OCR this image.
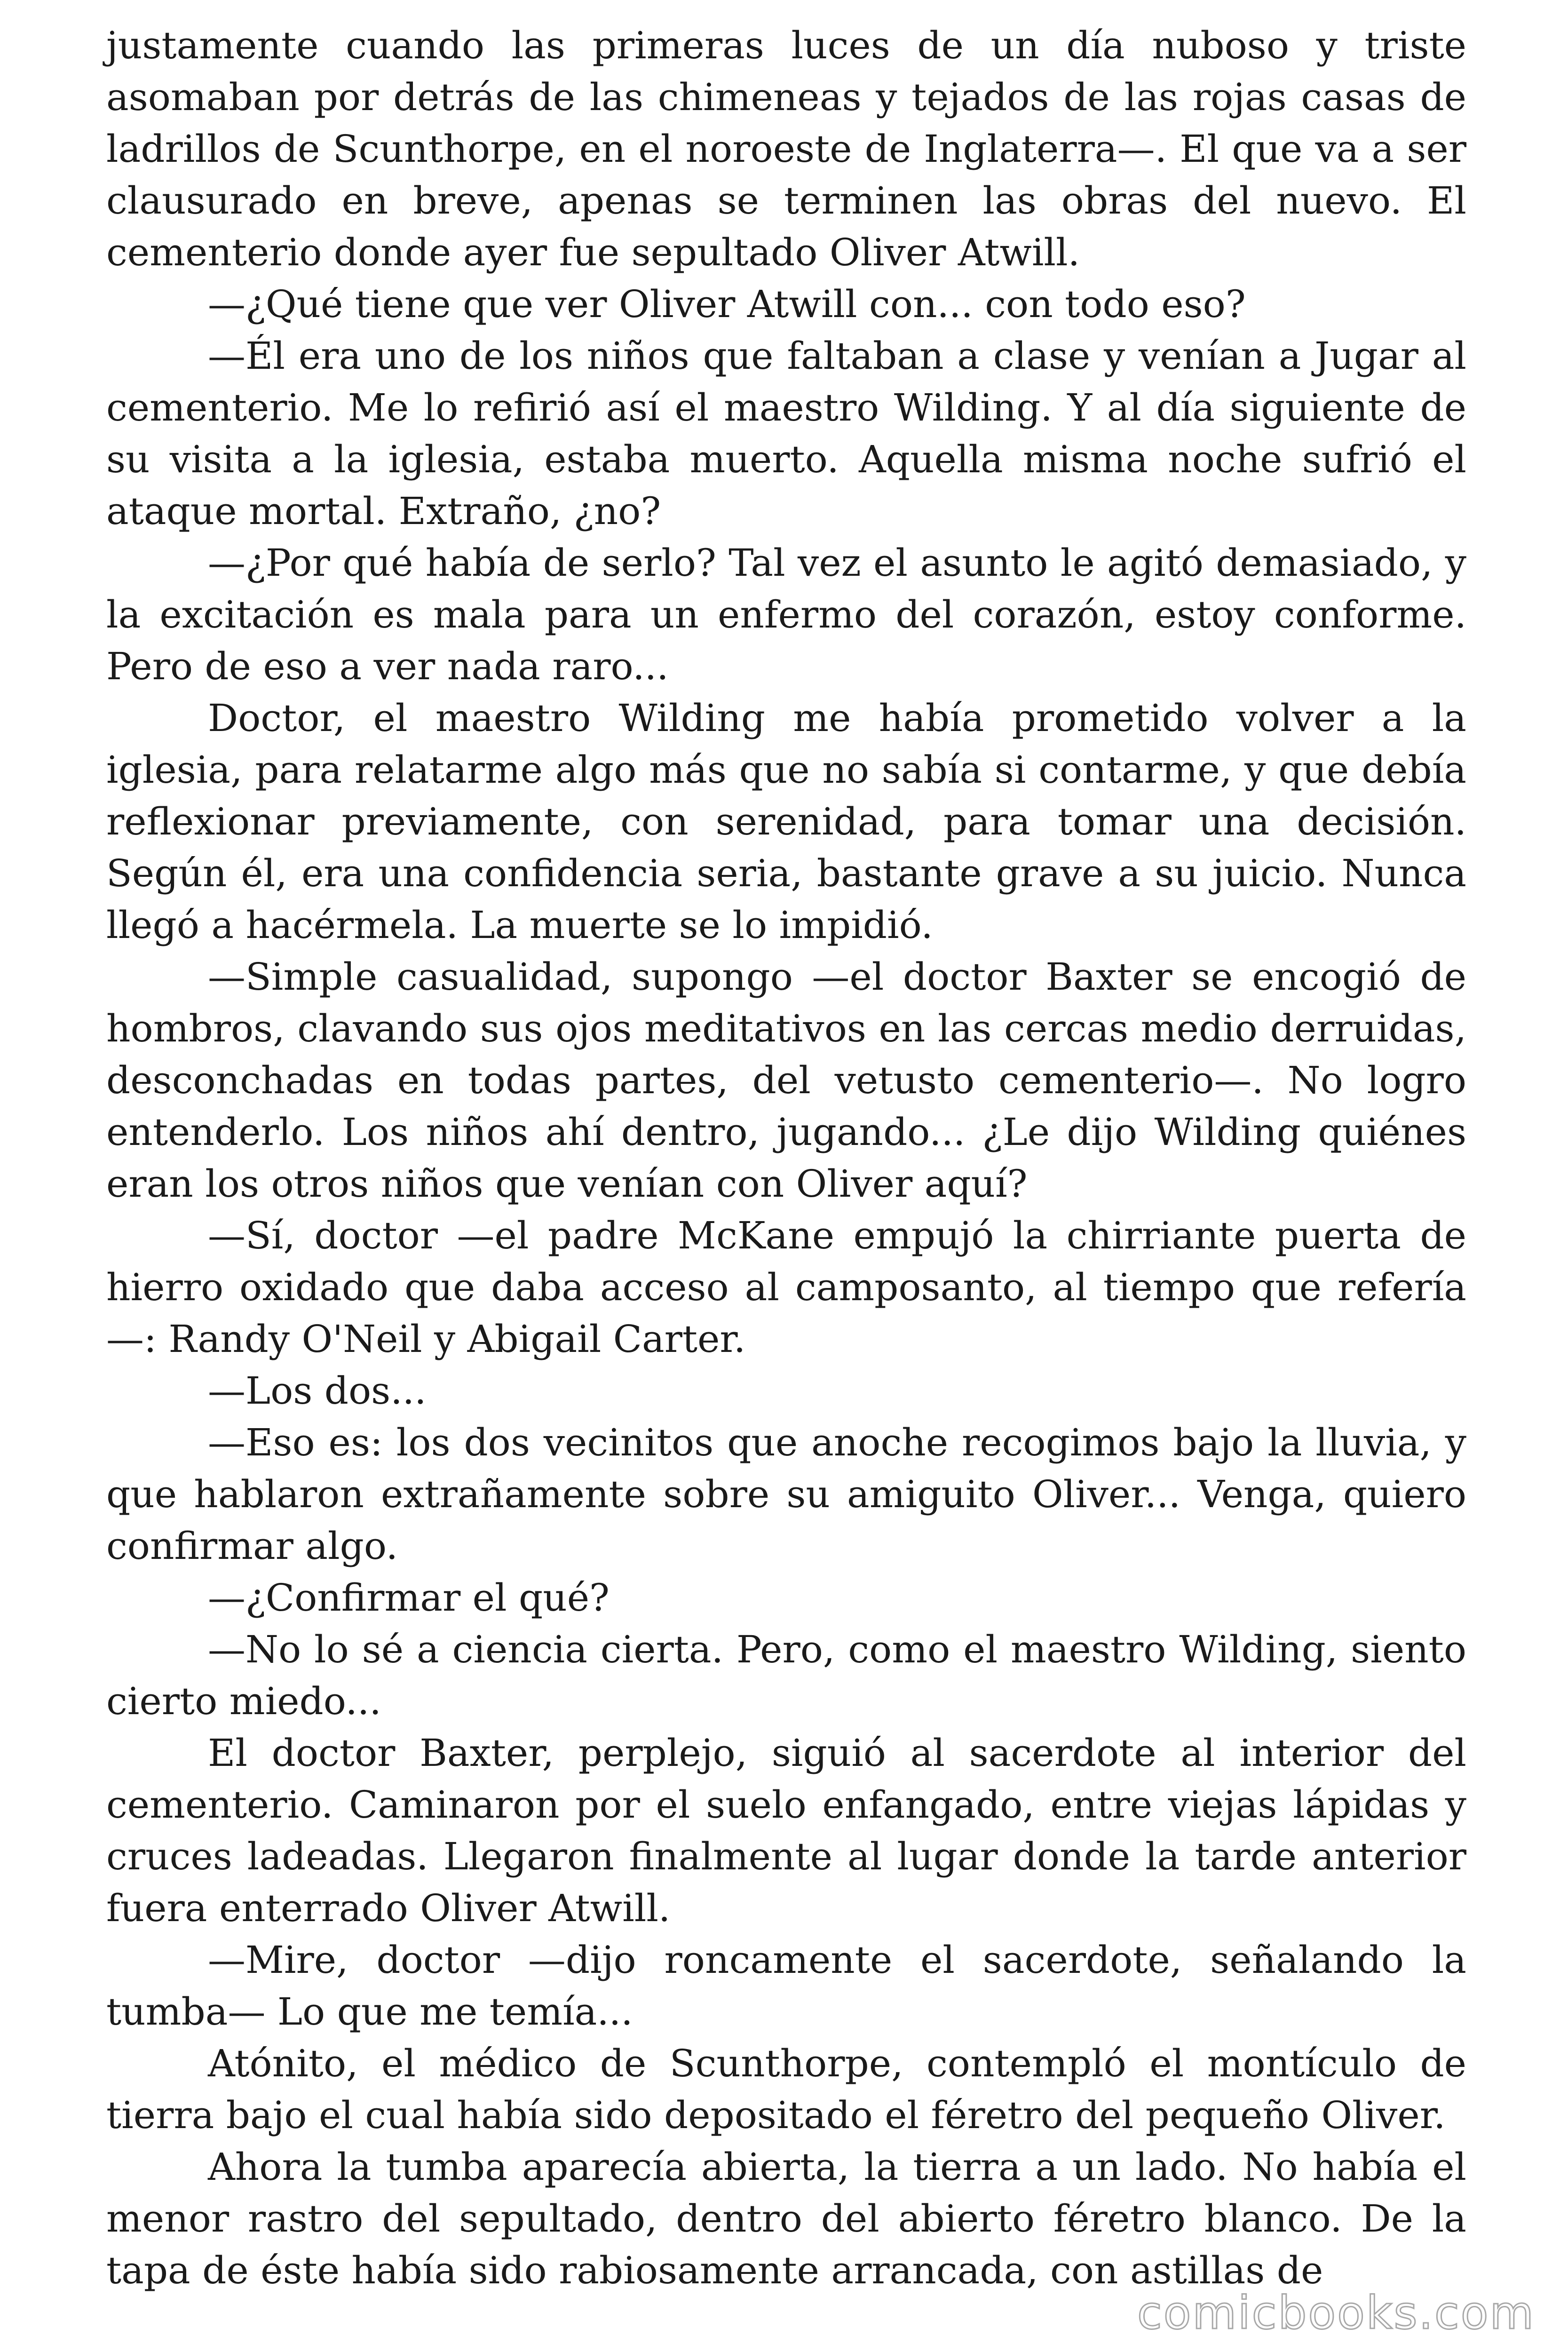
justamente cuando las primeras luces de un día nuboso y triste asomaban por detrás de las chimeneas y tejados de las rojas casas de ladrillos de Scunthorpe, en el noroeste de Inglaterra—. El que va a ser clausurado en breve, apenas se terminen las obras del nuevo. El cementerio donde ayer fue sepultado Oliver Atwill.

—¿Qué tiene que ver Oliver Atwill con... con todo eso?

—Él era uno de los niños que faltaban a clase y venían a Jugar al cementerio. Me lo refirió así el maestro Wilding. Y al día siguiente de su visita a la iglesia, estaba muerto. Aquella misma noche sufrió el ataque mortal. Extraño, ¿no?

—¿Por qué había de serlo? Tal vez el asunto le agitó demasiado, y la excitación es mala para un enfermo del corazón, estoy conforme. Pero de eso a ver nada raro...

Doctor, el maestro Wilding me había prometido volver a la iglesia, para relatarme algo más que no sabía si contarme, y que debía reflexionar previamente, con serenidad, para tomar una decisión. Según él, era una confidencia seria, bastante grave a su juicio. Nunca llegó a hacérmela. La muerte se lo impidió.

—Simple casualidad, supongo —el doctor Baxter se encogió de hombros, clavando sus ojos meditativos en las cercas medio derruidas, desconchadas en todas partes, del vetusto cementerio—. No logro entenderlo. Los niños ahí dentro, jugando... ¿Le dijo Wilding quiénes eran los otros niños que venían con Oliver aquí?

—Sí, doctor —el padre McKane empujó la chirriante puerta de hierro oxidado que daba acceso al camposanto, al tiempo que refería —: Randy O'Neil y Abigail Carter.

—Los dos...

—Eso es: los dos vecinitos que anoche recogimos bajo la lluvia, y que hablaron extrañamente sobre su amiguito Oliver... Venga, quiero confirmar algo.

—¿Confirmar el qué?

—No lo sé a ciencia cierta. Pero, como el maestro Wilding, siento cierto miedo...

El doctor Baxter, perplejo, siguió al sacerdote al interior del cementerio. Caminaron por el suelo enfangado, entre viejas lápidas y cruces ladeadas. Llegaron finalmente al lugar donde la tarde anterior fuera enterrado Oliver Atwill.

—Mire, doctor —dijo roncamente el sacerdote, señalando la tumba— Lo que me temía...

Atónito, el médico de Scunthorpe, contempló el montículo de tierra bajo el cual había sido depositado el féretro del pequeño Oliver.

Ahora la tumba aparecía abierta, la tierra a un lado. No había el menor rastro del sepultado, dentro del abierto féretro blanco. De la tapa de éste había sido rabiosamente arrancada, con astillas de

comicbooks.com
